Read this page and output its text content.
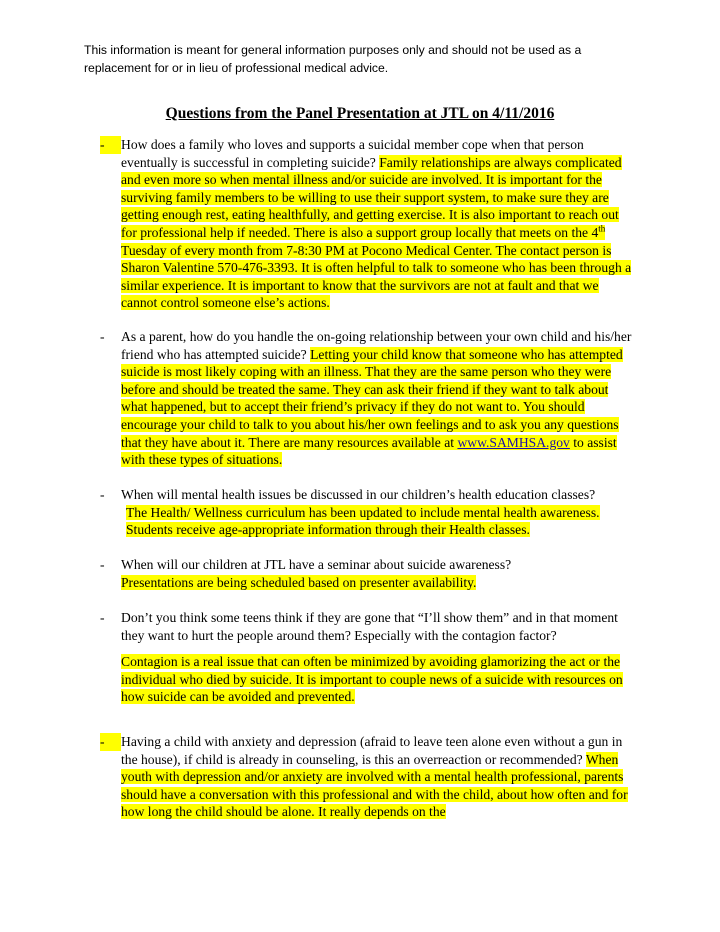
This information is meant for general information purposes only and should not be used as a replacement for or in lieu of professional medical advice.
Questions from the Panel Presentation at JTL on 4/11/2016
-	How does a family who loves and supports a suicidal member cope when that person eventually is successful in completing suicide? Family relationships are always complicated and even more so when mental illness and/or suicide are involved. It is important for the surviving family members to be willing to use their support system, to make sure they are getting enough rest, eating healthfully, and getting exercise. It is also important to reach out for professional help if needed. There is also a support group locally that meets on the 4th Tuesday of every month from 7-8:30 PM at Pocono Medical Center. The contact person is Sharon Valentine 570-476-3393. It is often helpful to talk to someone who has been through a similar experience. It is important to know that the survivors are not at fault and that we cannot control someone else’s actions.
-	As a parent, how do you handle the on-going relationship between your own child and his/her friend who has attempted suicide? Letting your child know that someone who has attempted suicide is most likely coping with an illness. That they are the same person who they were before and should be treated the same. They can ask their friend if they want to talk about what happened, but to accept their friend’s privacy if they do not want to. You should encourage your child to talk to you about his/her own feelings and to ask you any questions that they have about it. There are many resources available at www.SAMHSA.gov to assist with these types of situations.
-	When will mental health issues be discussed in our children’s health education classes?
The Health/ Wellness curriculum has been updated to include mental health awareness. Students receive age-appropriate information through their Health classes.
-	When will our children at JTL have a seminar about suicide awareness?
Presentations are being scheduled based on presenter availability.
-	Don’t you think some teens think if they are gone that “I’ll show them” and in that moment they want to hurt the people around them? Especially with the contagion factor?
Contagion is a real issue that can often be minimized by avoiding glamorizing the act or the individual who died by suicide. It is important to couple news of a suicide with resources on how suicide can be avoided and prevented.
-	Having a child with anxiety and depression (afraid to leave teen alone even without a gun in the house), if child is already in counseling, is this an overreaction or recommended? When youth with depression and/or anxiety are involved with a mental health professional, parents should have a conversation with this professional and with the child, about how often and for how long the child should be alone. It really depends on the
